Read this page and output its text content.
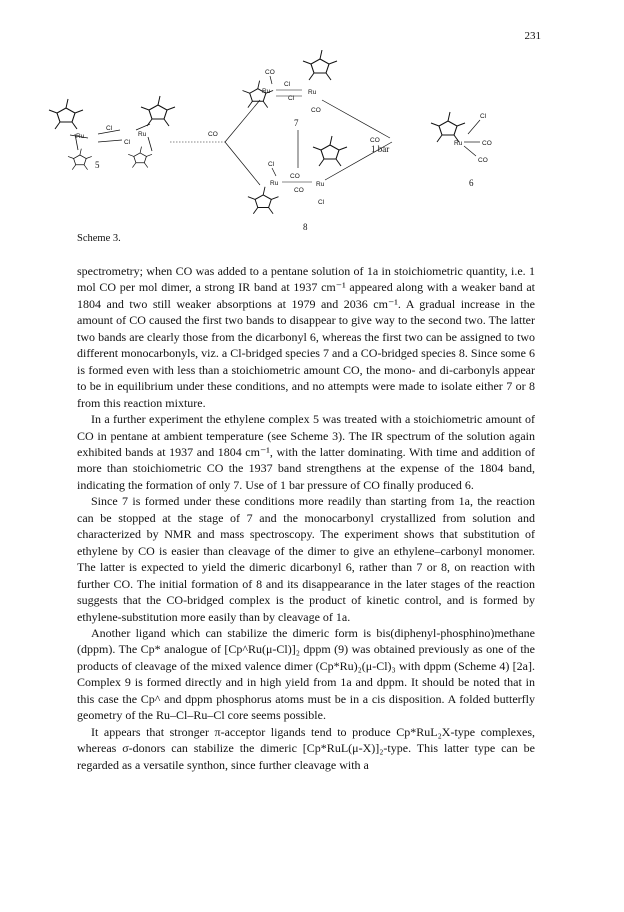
231
Ru
Cl
Cl
Ru
5
CO
CO
1 bar
CO
Ru
Cl
Cl
Ru
CO
7
Cl
Ru
CO
CO
Ru
Cl
8
Cl
Ru	CO
CO
6
Scheme 3.

spectrometry; when CO was added to a pentane solution of 1a in stoichiometric quantity, i.e. 1 mol CO per mol dimer, a strong IR band at 1937 cm⁻¹ appeared along with a weaker band at 1804 and two still weaker absorptions at 1979 and 2036 cm⁻¹. A gradual increase in the amount of CO caused the first two bands to disappear to give way to the second two. The latter two bands are clearly those from the dicarbonyl 6, whereas the first two can be assigned to two different monocarbonyls, viz. a Cl-bridged species 7 and a CO-bridged species 8. Since some 6 is formed even with less than a stoichiometric amount CO, the mono- and di-carbonyls appear to be in equilibrium under these conditions, and no attempts were made to isolate either 7 or 8 from this reaction mixture.

In a further experiment the ethylene complex 5 was treated with a stoichiometric amount of CO in pentane at ambient temperature (see Scheme 3). The IR spectrum of the solution again exhibited bands at 1937 and 1804 cm⁻¹, with the latter dominating. With time and addition of more than stoichiometric CO the 1937 band strengthens at the expense of the 1804 band, indicating the formation of only 7. Use of 1 bar pressure of CO finally produced 6.

Since 7 is formed under these conditions more readily than starting from 1a, the reaction can be stopped at the stage of 7 and the monocarbonyl crystallized from solution and characterized by NMR and mass spectroscopy. The experiment shows that substitution of ethylene by CO is easier than cleavage of the dimer to give an ethylene–carbonyl monomer. The latter is expected to yield the dimeric dicarbonyl 6, rather than 7 or 8, on reaction with further CO. The initial formation of 8 and its disappearance in the later stages of the reaction suggests that the CO-bridged complex is the product of kinetic control, and is formed by ethylene-substitution more easily than by cleavage of 1a.

Another ligand which can stabilize the dimeric form is bis(diphenyl-phosphino)methane (dppm). The Cp* analogue of [Cp^Ru(μ-Cl)]₂ dppm (9) was obtained previously as one of the products of cleavage of the mixed valence dimer (Cp*Ru)₂(μ-Cl)₃ with dppm (Scheme 4) [2a]. Complex 9 is formed directly and in high yield from 1a and dppm. It should be noted that in this case the Cp^ and dppm phosphorus atoms must be in a cis disposition. A folded butterfly geometry of the Ru–Cl–Ru–Cl core seems possible.

It appears that stronger π-acceptor ligands tend to produce Cp*RuL₂X-type complexes, whereas σ-donors can stabilize the dimeric [Cp*RuL(μ-X)]₂-type. This latter type can be regarded as a versatile synthon, since further cleavage with a
